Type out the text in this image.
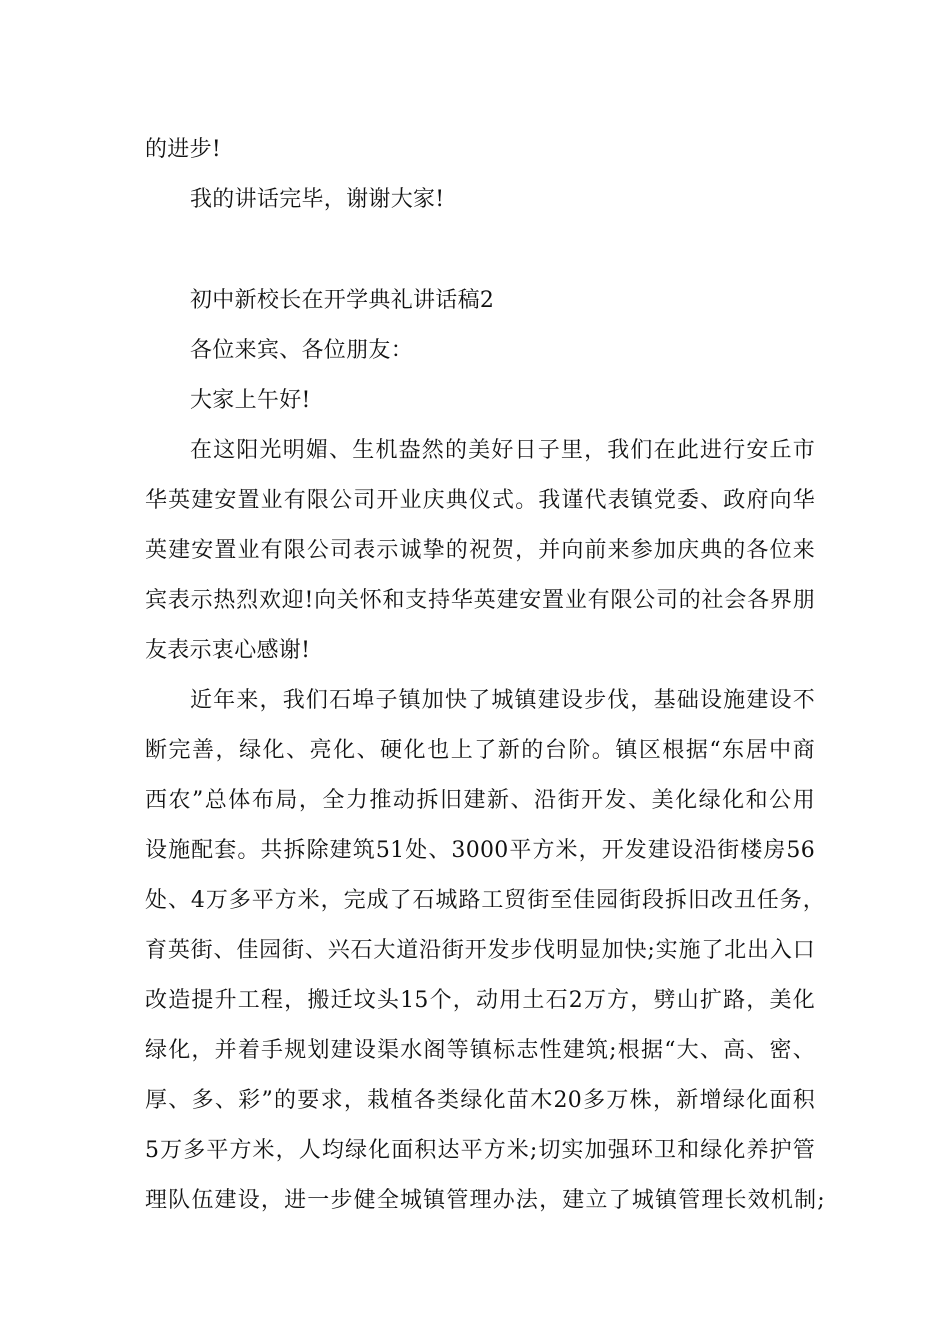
的进步!
我的讲话完毕，谢谢大家!
初中新校长在开学典礼讲话稿2
各位来宾、各位朋友：
大家上午好!
在这阳光明媚、生机盎然的美好日子里，我们在此进行安丘市
华英建安置业有限公司开业庆典仪式。我谨代表镇党委、政府向华
英建安置业有限公司表示诚挚的祝贺，并向前来参加庆典的各位来
宾表示热烈欢迎!向关怀和支持华英建安置业有限公司的社会各界朋
友表示衷心感谢!
近年来，我们石埠子镇加快了城镇建设步伐，基础设施建设不
断完善，绿化、亮化、硬化也上了新的台阶。镇区根据“东居中商
西农”总体布局，全力推动拆旧建新、沿街开发、美化绿化和公用
设施配套。共拆除建筑51处、3000平方米，开发建设沿街楼房56
处、4万多平方米，完成了石城路工贸街至佳园街段拆旧改丑任务，
育英街、佳园街、兴石大道沿街开发步伐明显加快;实施了北出入口
改造提升工程，搬迁坟头15个，动用土石2万方，劈山扩路，美化
绿化，并着手规划建设渠水阁等镇标志性建筑;根据“大、高、密、
厚、多、彩”的要求，栽植各类绿化苗木20多万株，新增绿化面积
5万多平方米，人均绿化面积达平方米;切实加强环卫和绿化养护管
理队伍建设，进一步健全城镇管理办法，建立了城镇管理长效机制;
